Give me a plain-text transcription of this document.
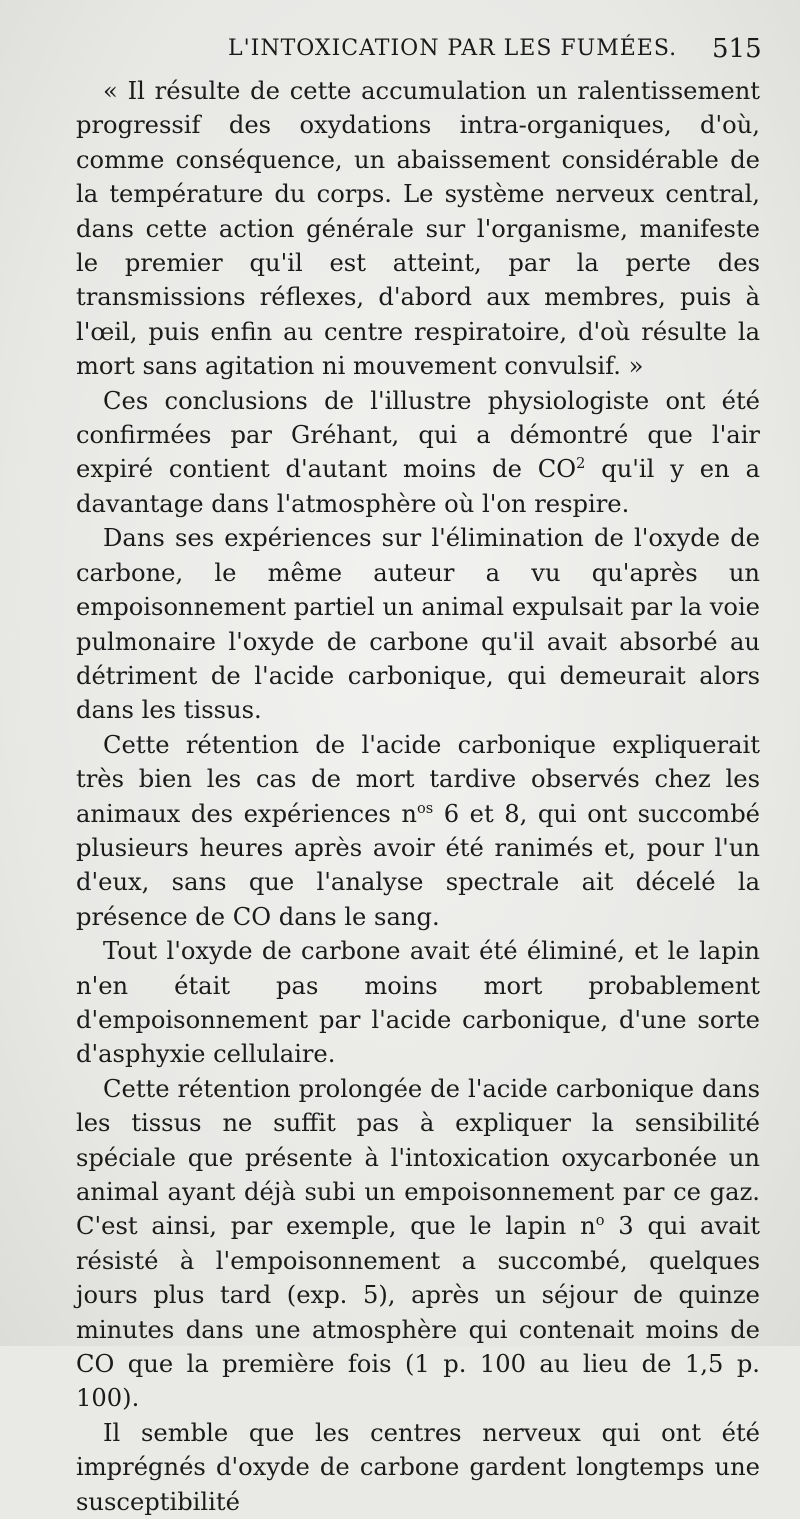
L'INTOXICATION PAR LES FUMÉES. 515

« Il résulte de cette accumulation un ralentissement progressif des oxydations intra-organiques, d'où, comme conséquence, un abaissement considérable de la température du corps. Le système nerveux central, dans cette action générale sur l'organisme, manifeste le premier qu'il est atteint, par la perte des transmissions réflexes, d'abord aux membres, puis à l'œil, puis enfin au centre respiratoire, d'où résulte la mort sans agitation ni mouvement convulsif. »

Ces conclusions de l'illustre physiologiste ont été confirmées par Gréhant, qui a démontré que l'air expiré contient d'autant moins de $CO^2$ qu'il y en a davantage dans l'atmosphère où l'on respire.

Dans ses expériences sur l'élimination de l'oxyde de carbone, le même auteur a vu qu'après un empoisonnement partiel un animal expulsait par la voie pulmonaire l'oxyde de carbone qu'il avait absorbé au détriment de l'acide carbonique, qui demeurait alors dans les tissus.

Cette rétention de l'acide carbonique expliquerait très bien les cas de mort tardive observés chez les animaux des expériences $n^{os}$ 6 et 8, qui ont succombé plusieurs heures après avoir été ranimés et, pour l'un d'eux, sans que l'analyse spectrale ait décelé la présence de CO dans le sang.

Tout l'oxyde de carbone avait été éliminé, et le lapin n'en était pas moins mort probablement d'empoisonnement par l'acide carbonique, d'une sorte d'asphyxie cellulaire.

Cette rétention prolongée de l'acide carbonique dans les tissus ne suffit pas à expliquer la sensibilité spéciale que présente à l'intoxication oxycarbonée un animal ayant déjà subi un empoisonnement par ce gaz. C'est ainsi, par exemple, que le lapin $n^o$ 3 qui avait résisté à l'empoisonnement a succombé, quelques jours plus tard (exp. 5), après un séjour de quinze minutes dans une atmosphère qui contenait moins de CO que la première fois (1 p. 100 au lieu de 1,5 p. 100).

Il semble que les centres nerveux qui ont été imprégnés d'oxyde de carbone gardent longtemps une susceptibilité
